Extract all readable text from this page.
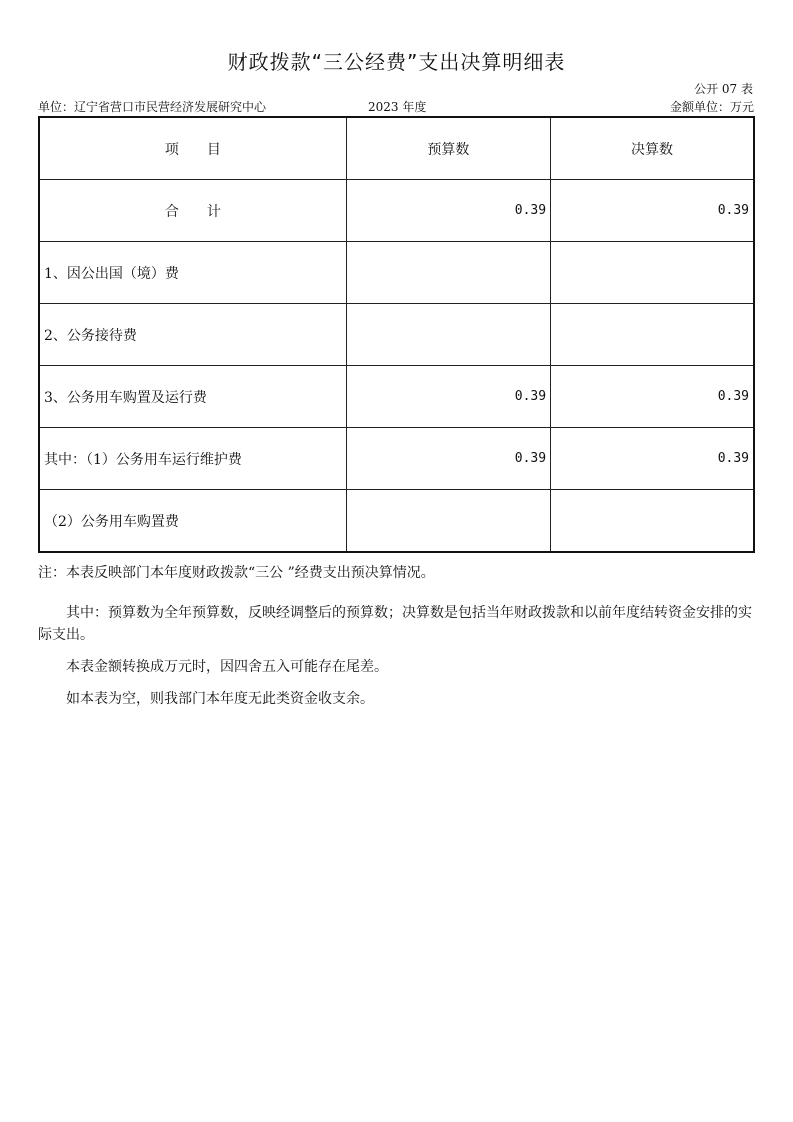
财政拨款“三公经费”支出决算明细表
公开 07 表
单位：辽宁省营口市民营经济发展研究中心	2023 年度	金额单位：万元
项　　目	预算数	决算数
合　　计	0.39	0.39
1、因公出国（境）费		
2、公务接待费		
3、公务用车购置及运行费	0.39	0.39
其中：（1）公务用车运行维护费	0.39	0.39
（2）公务用车购置费		

注：本表反映部门本年度财政拨款“三公 ”经费支出预决算情况。

其中：预算数为全年预算数，反映经调整后的预算数；决算数是包括当年财政拨款和以前年度结转资金安排的实际支出。

本表金额转换成万元时，因四舍五入可能存在尾差。

如本表为空，则我部门本年度无此类资金收支余。
